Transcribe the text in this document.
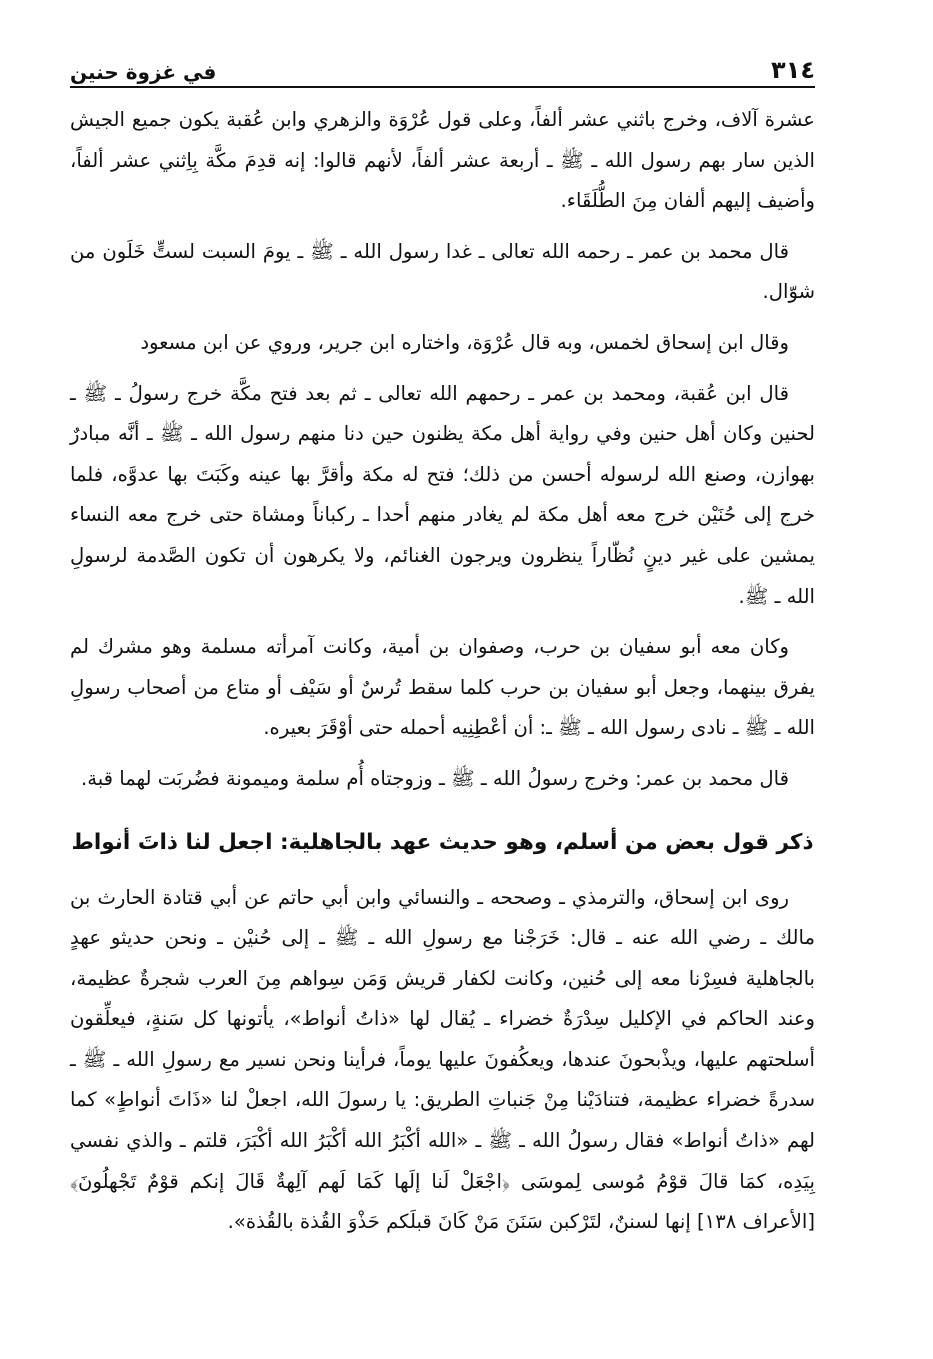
٣١٤
في غزوة حنين

عشرة آلاف، وخرج باثني عشر ألفاً، وعلى قول عُرْوَة والزهري وابن عُقبة يكون جميع الجيش الذين سار بهم رسول الله ـ ﷺ ـ أربعة عشر ألفاً، لأنهم قالوا: إنه قدِمَ مكَّة بِاِثني عشر ألفاً، وأضيف إليهم ألفان مِنَ الطُّلَقَاء.

قال محمد بن عمر ـ رحمه الله تعالى ـ غدا رسول الله ـ ﷺ ـ يومَ السبت لستٍّ خَلَون من شوّال.

وقال ابن إسحاق لخمس، وبه قال عُرْوَة، واختاره ابن جرير، وروي عن ابن مسعود

قال ابن عُقبة، ومحمد بن عمر ـ رحمهم الله تعالى ـ ثم بعد فتح مكَّة خرج رسولُ ـ ﷺ ـ لحنين وكان أهل حنين وفي رواية أهل مكة يظنون حين دنا منهم رسول الله ـ ﷺ ـ أنَّه مبادرٌ بهوازن، وصنع الله لرسوله أحسن من ذلك؛ فتح له مكة وأقرَّ بها عينه وكَبَتَ بها عدوَّه، فلما خرج إلى حُنَيْن خرج معه أهل مكة لم يغادر منهم أحدا ـ ركباناً ومشاة حتى خرج معه النساء يمشين على غير دينٍ نُظّاراً ينظرون ويرجون الغنائم، ولا يكرهون أن تكون الصَّدمة لرسولِ الله ـ ﷺ.

وكان معه أبو سفيان بن حرب، وصفوان بن أمية، وكانت آمرأته مسلمة وهو مشرك لم يفرق بينهما، وجعل أبو سفيان بن حرب كلما سقط تُرسٌ أو سَيْف أو متاع من أصحاب رسولِ الله ـ ﷺ ـ نادى رسول الله ـ ﷺ ـ: أن أعْطِنِيه أحمله حتى أوْقَرَ بعيره.

قال محمد بن عمر: وخرج رسولُ الله ـ ﷺ ـ وزوجتاه أُم سلمة وميمونة فضُربَت لهما قبة.

ذكر قول بعض من أسلم، وهو حديث عهد بالجاهلية: اجعل لنا ذاتَ أنواط

روى ابن إسحاق، والترمذي ـ وصححه ـ والنسائي وابن أبي حاتم عن أبي قتادة الحارث بن مالك ـ رضي الله عنه ـ قال: خَرَجْنا مع رسولِ الله ـ ﷺ ـ إلى حُنيْن ـ ونحن حديثو عهدٍ بالجاهلية فسِرْنا معه إلى حُنين، وكانت لكفار قريش وَمَن سِواهم مِنَ العرب شجرةٌ عظيمة، وعند الحاكم في الإكليل سِدْرَةٌ خضراء ـ يُقال لها «ذاتُ أنواط»، يأتونها كل سَنةٍ، فيعلِّقون أسلحتهم عليها، ويذْبحونَ عندها، ويعكُفونَ عليها يوماً، فرأينا ونحن نسير مع رسولِ الله ـ ﷺ ـ سدرةً خضراء عظيمة، فتنادَيْنا مِنْ جَنباتِ الطريق: يا رسولَ الله، اجعلْ لنا «ذَاتَ أنواطٍ» كما لهم «ذاتُ أنواط» فقال رسولُ الله ـ ﷺ ـ «الله أكْبَرُ الله أكْبَرُ الله أكْبَرَ، قلتم ـ والذي نفسي بِيَدِه، كمَا قالَ قوْمُ مُوسى لِموسَى ﴿اجْعَلْ لَنا إلَها كَمَا لَهم آلِهةٌ قَالَ إنكم قوْمٌ تَجْهلُونَ﴾ [الأعراف ١٣٨] إنها لسننٌ، لتَرْكبن سَنَنَ مَنْ كَانَ قبلَكم حَذْوَ القُذة بالقُذة».
